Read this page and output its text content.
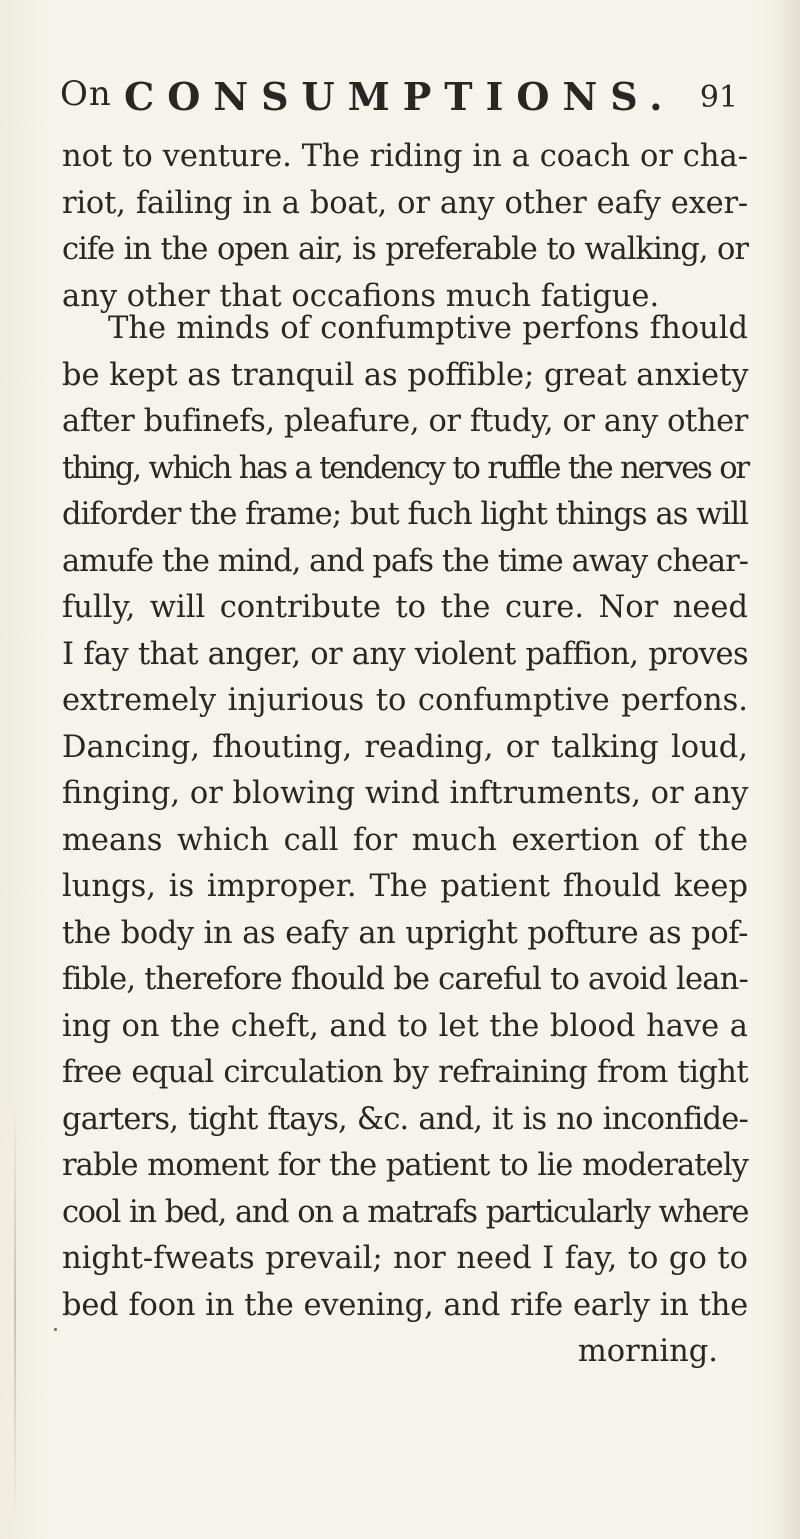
On CONSUMPTIONS. 91
not to venture. The riding in a coach or cha-
riot, failing in a boat, or any other eafy exer-
cife in the open air, is preferable to walking, or
any other that occafions much fatigue.
The minds of confumptive perfons fhould
be kept as tranquil as poffible; great anxiety
after bufinefs, pleafure, or ftudy, or any other
thing, which has a tendency to ruffle the nerves or
diforder the frame; but fuch light things as will
amufe the mind, and pafs the time away chear-
fully, will contribute to the cure. Nor need
I fay that anger, or any violent paffion, proves
extremely injurious to confumptive perfons.
Dancing, fhouting, reading, or talking loud,
finging, or blowing wind inftruments, or any
means which call for much exertion of the
lungs, is improper. The patient fhould keep
the body in as eafy an upright pofture as pof-
fible, therefore fhould be careful to avoid lean-
ing on the cheft, and to let the blood have a
free equal circulation by refraining from tight
garters, tight ftays, &c. and, it is no inconfide-
rable moment for the patient to lie moderately
cool in bed, and on a matrafs particularly where
night-fweats prevail; nor need I fay, to go to
bed foon in the evening, and rife early in the
morning.
